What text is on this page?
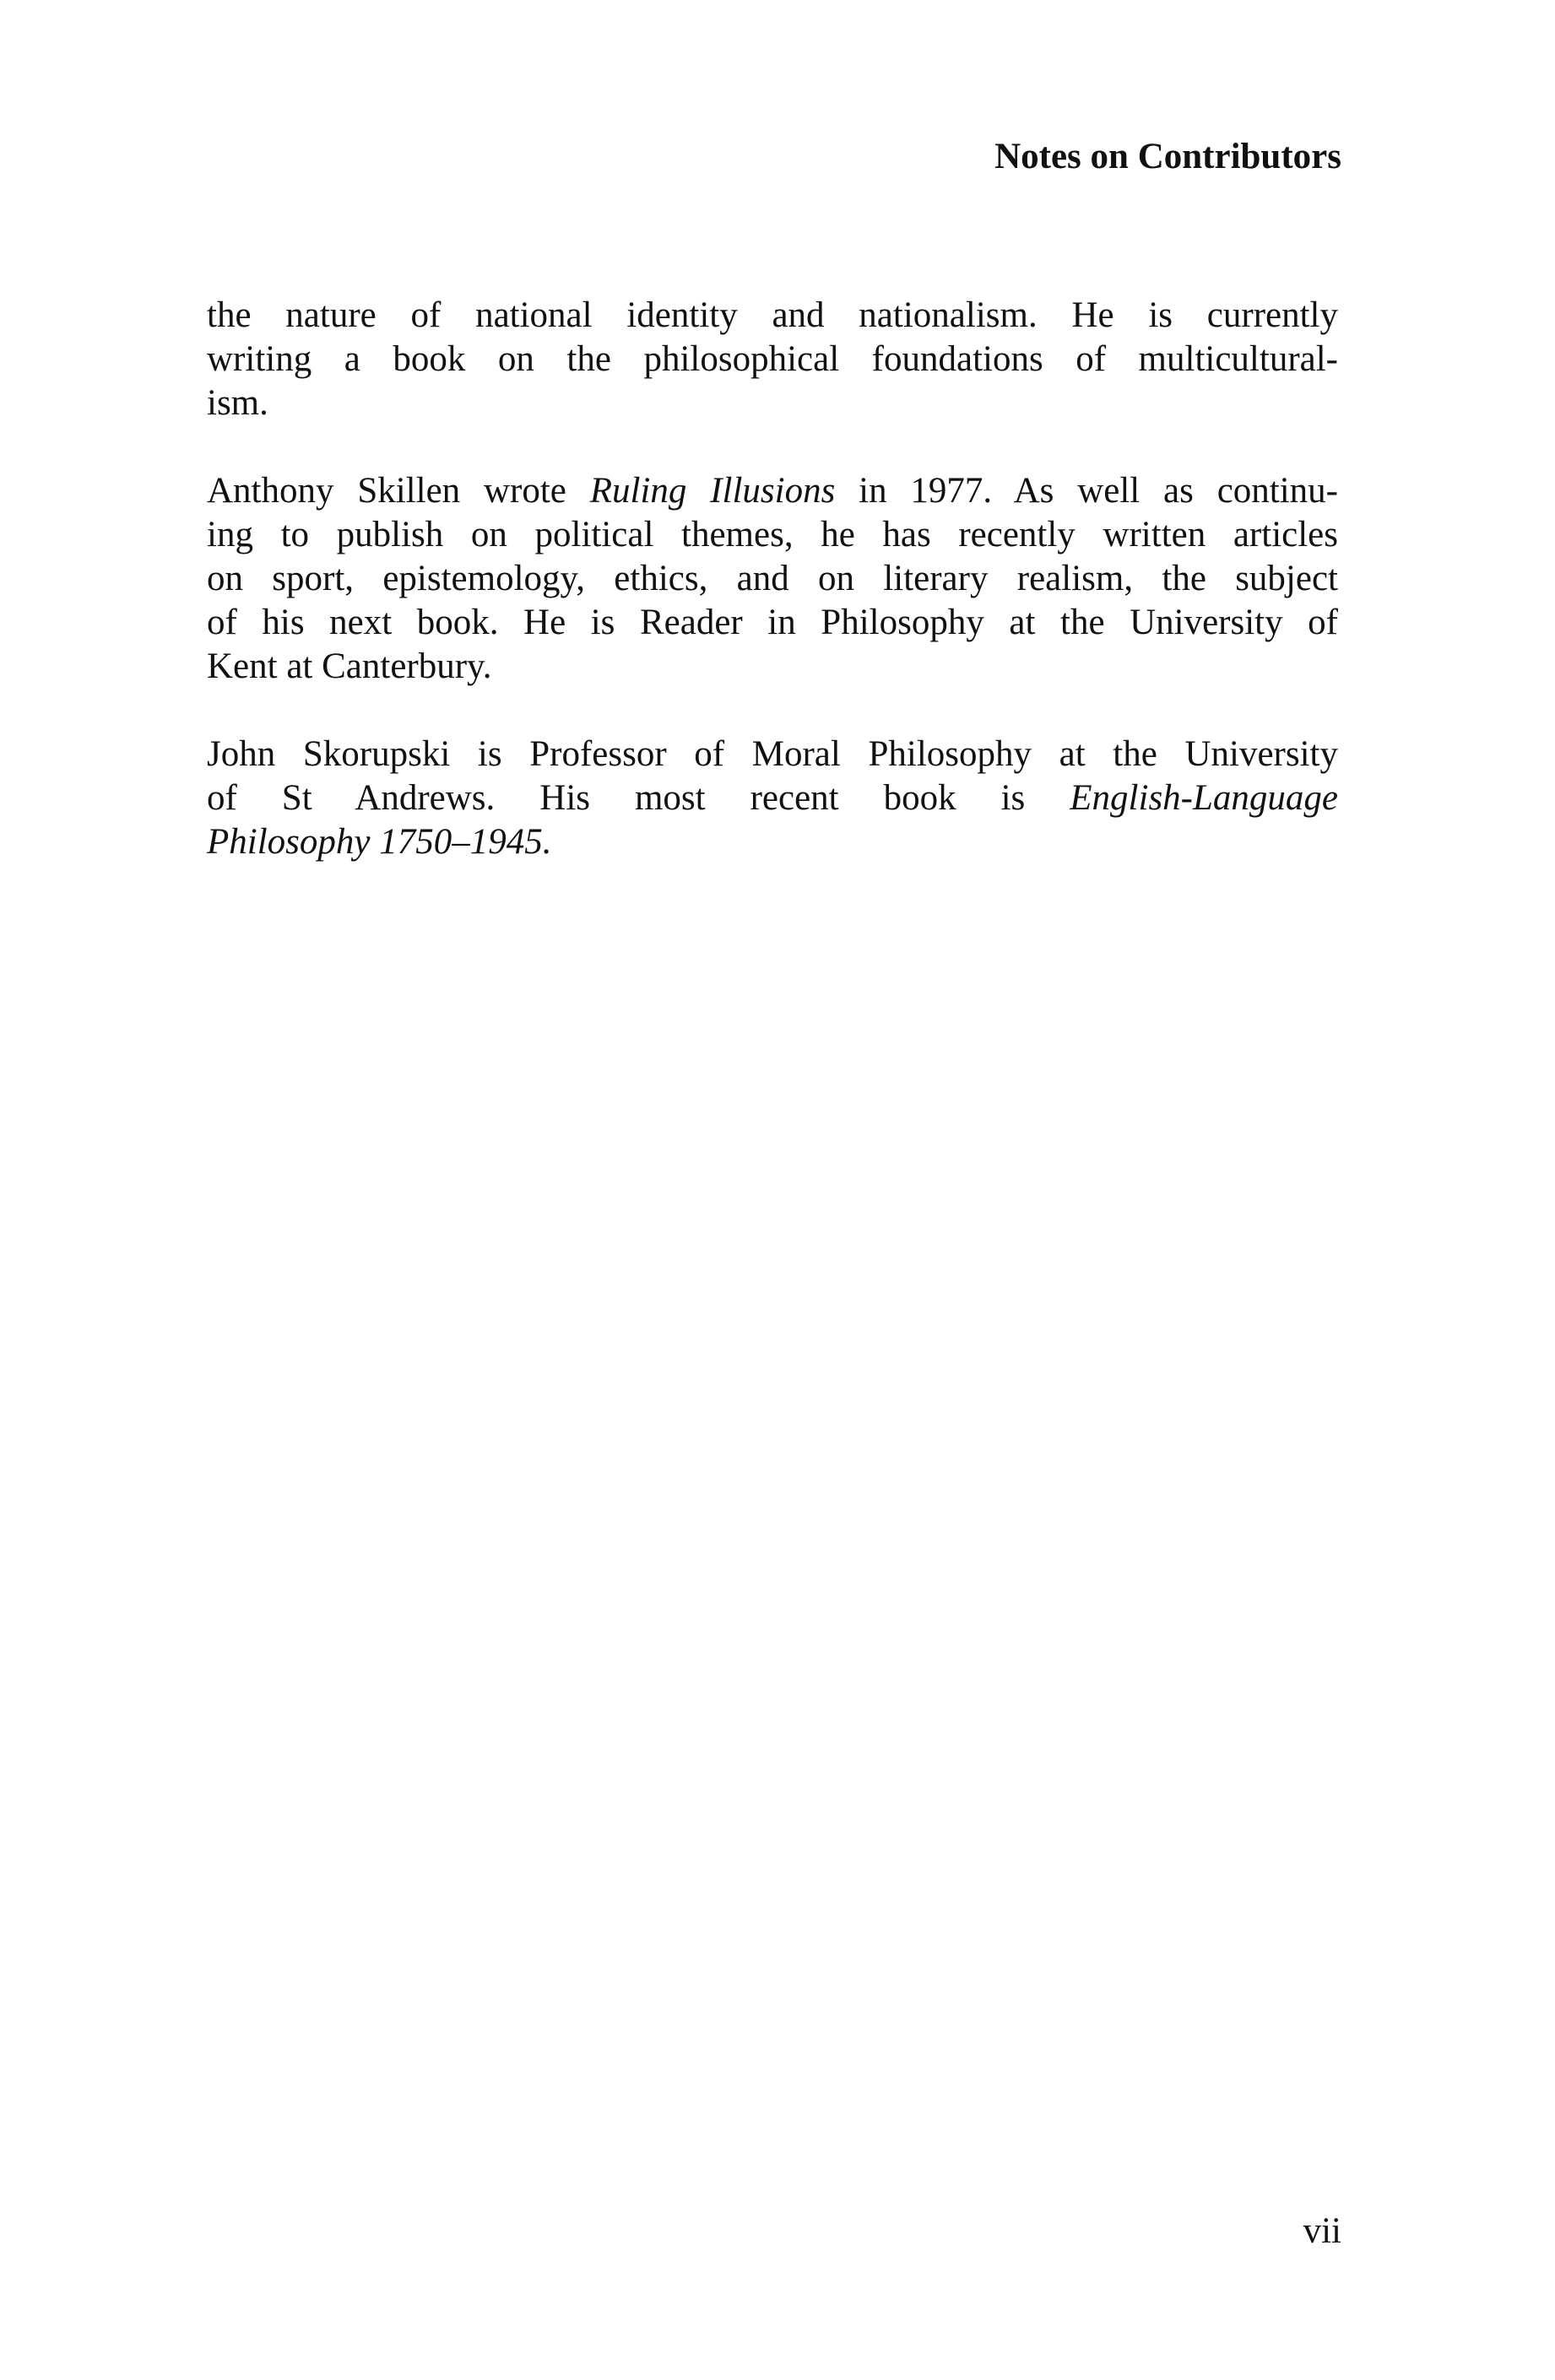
Notes on Contributors

the nature of national identity and nationalism. He is currently
writing a book on the philosophical foundations of multicultural-
ism.

Anthony Skillen wrote Ruling Illusions in 1977. As well as continu-
ing to publish on political themes, he has recently written articles
on sport, epistemology, ethics, and on literary realism, the subject
of his next book. He is Reader in Philosophy at the University of
Kent at Canterbury.

John Skorupski is Professor of Moral Philosophy at the University
of St Andrews. His most recent book is English-Language
Philosophy 1750–1945.

vii
